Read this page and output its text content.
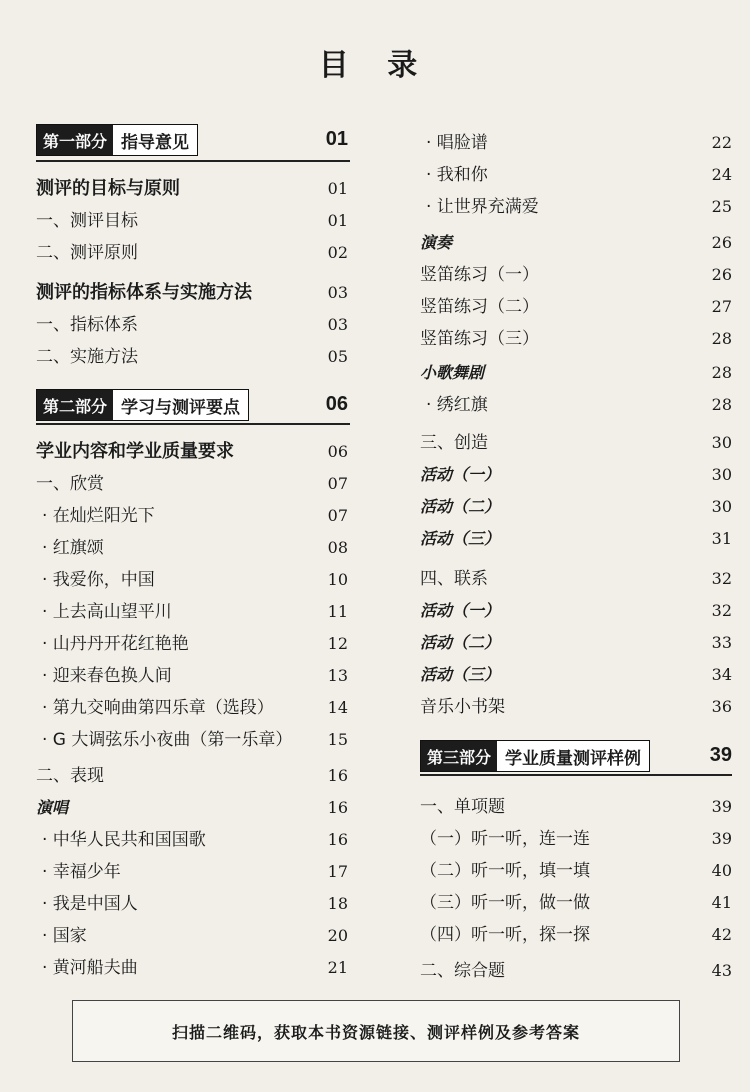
目 录
第一部分 指导意见	01
测评的目标与原则	01
一、测评目标	01
二、测评原则	02
测评的指标体系与实施方法	03
一、指标体系	03
二、实施方法	05
第二部分 学习与测评要点	06
学业内容和学业质量要求	06
一、欣赏	07
· 在灿烂阳光下	07
· 红旗颂	08
· 我爱你，中国	10
· 上去高山望平川	11
· 山丹丹开花红艳艳	12
· 迎来春色换人间	13
· 第九交响曲第四乐章（选段）	14
· G 大调弦乐小夜曲（第一乐章） 15
二、表现	16
演唱	16
· 中华人民共和国国歌	16
· 幸福少年	17
· 我是中国人	18
· 国家	20
· 黄河船夫曲	21
· 唱脸谱	22
· 我和你	24
· 让世界充满爱	25
演奏	26
竖笛练习（一）	26
竖笛练习（二）	27
竖笛练习（三）	28
小歌舞剧	28
· 绣红旗	28
三、创造	30
活动（一）	30
活动（二）	30
活动（三）	31
四、联系	32
活动（一）	32
活动（二）	33
活动（三）	34
音乐小书架	36
第三部分 学业质量测评样例	39
一、单项题	39
（一）听一听，连一连	39
（二）听一听，填一填	40
（三）听一听，做一做	41
（四）听一听，探一探	42
二、综合题	43
扫描二维码，获取本书资源链接、测评样例及参考答案
